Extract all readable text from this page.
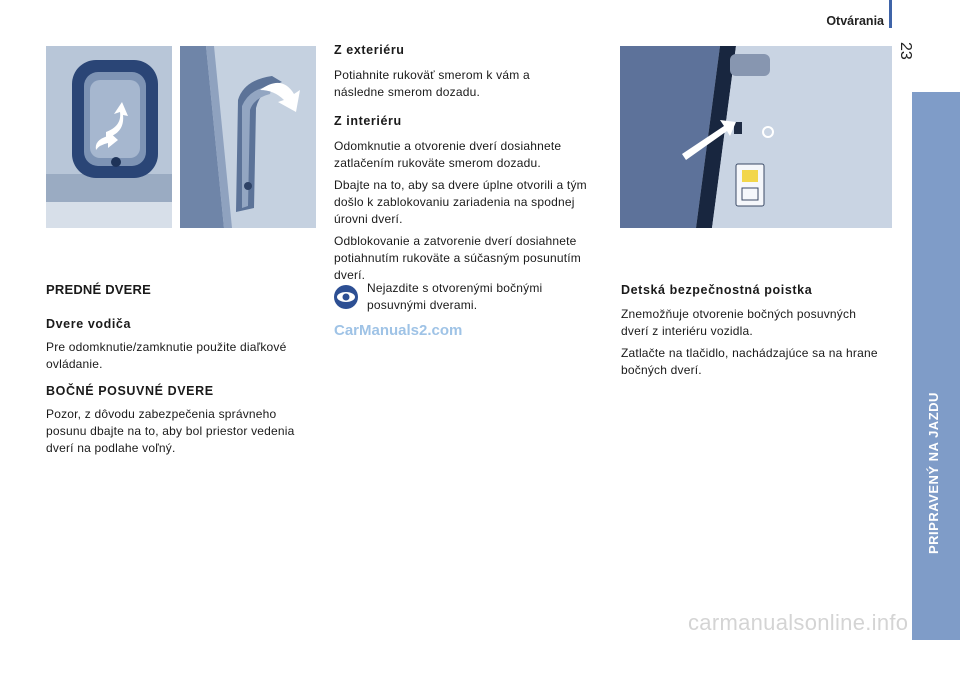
Otvárania
23
PRIPRAVENÝ NA JAZDU
2
PREDNÉ DVERE
Dvere vodiča

Pre odomknutie/zamknutie použite diaľkové ovládanie.

BOČNÉ POSUVNÉ DVERE

Pozor, z dôvodu zabezpečenia správneho posunu dbajte na to, aby bol priestor vedenia dverí na podlahe voľný.

Z exteriéru

Potiahnite rukoväť smerom k vám a následne smerom dozadu.

Z interiéru

Odomknutie a otvorenie dverí dosiahnete zatlačením rukoväte smerom dozadu.

Dbajte na to, aby sa dvere úplne otvorili a tým došlo k zablokovaniu zariadenia na spodnej úrovni dverí.

Odblokovanie a zatvorenie dverí dosiahnete potiahnutím rukoväte a súčasným posunutím dverí.

Nejazdite s otvorenými bočnými posuvnými dverami.
CarManuals2.com
Detská bezpečnostná poistka

Znemožňuje otvorenie bočných posuvných dverí z interiéru vozidla.

Zatlačte na tlačidlo, nachádzajúce sa na hrane bočných dverí.

carmanualsonline.info
